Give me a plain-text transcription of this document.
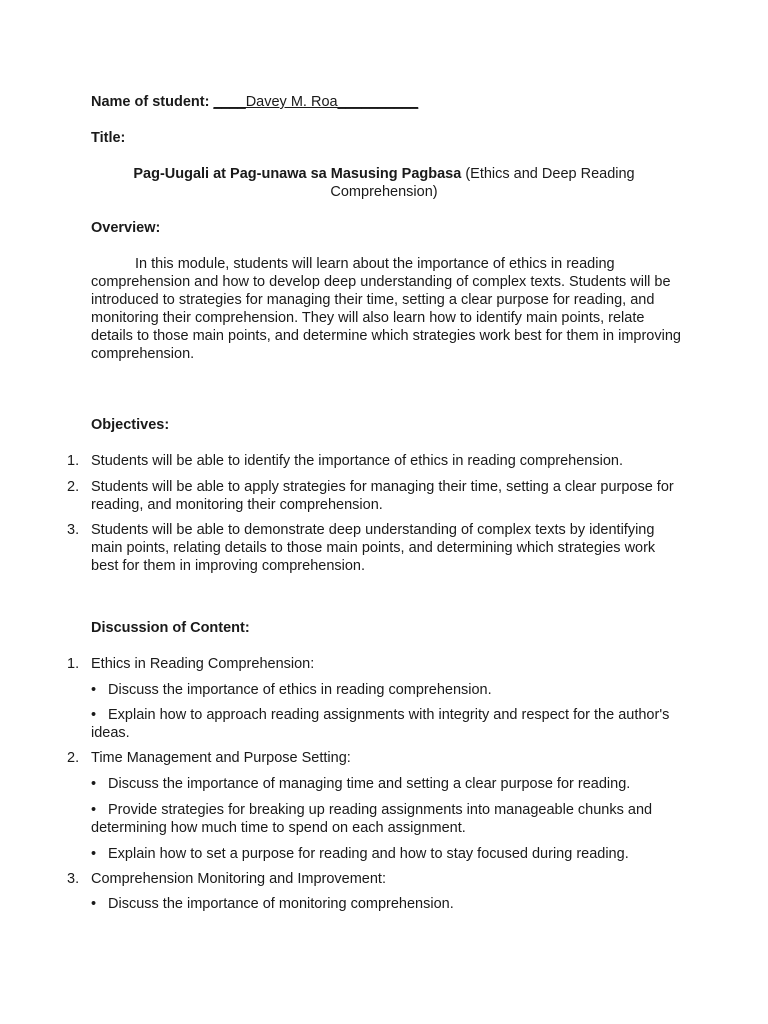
Name of student: ____Davey M. Roa__________
Title:
Pag-Uugali at Pag-unawa sa Masusing Pagbasa (Ethics and Deep Reading
Comprehension)
Overview:
In this module, students will learn about the importance of ethics in reading comprehension and how to develop deep understanding of complex texts. Students will be introduced to strategies for managing their time, setting a clear purpose for reading, and monitoring their comprehension. They will also learn how to identify main points, relate details to those main points, and determine which strategies work best for them in improving comprehension.
Objectives:
1. Students will be able to identify the importance of ethics in reading comprehension.
2. Students will be able to apply strategies for managing their time, setting a clear purpose for reading, and monitoring their comprehension.
3. Students will be able to demonstrate deep understanding of complex texts by identifying main points, relating details to those main points, and determining which strategies work best for them in improving comprehension.
Discussion of Content:
1. Ethics in Reading Comprehension:
• Discuss the importance of ethics in reading comprehension.
• Explain how to approach reading assignments with integrity and respect for the author's ideas.
2. Time Management and Purpose Setting:
• Discuss the importance of managing time and setting a clear purpose for reading.
• Provide strategies for breaking up reading assignments into manageable chunks and determining how much time to spend on each assignment.
• Explain how to set a purpose for reading and how to stay focused during reading.
3. Comprehension Monitoring and Improvement:
• Discuss the importance of monitoring comprehension.
